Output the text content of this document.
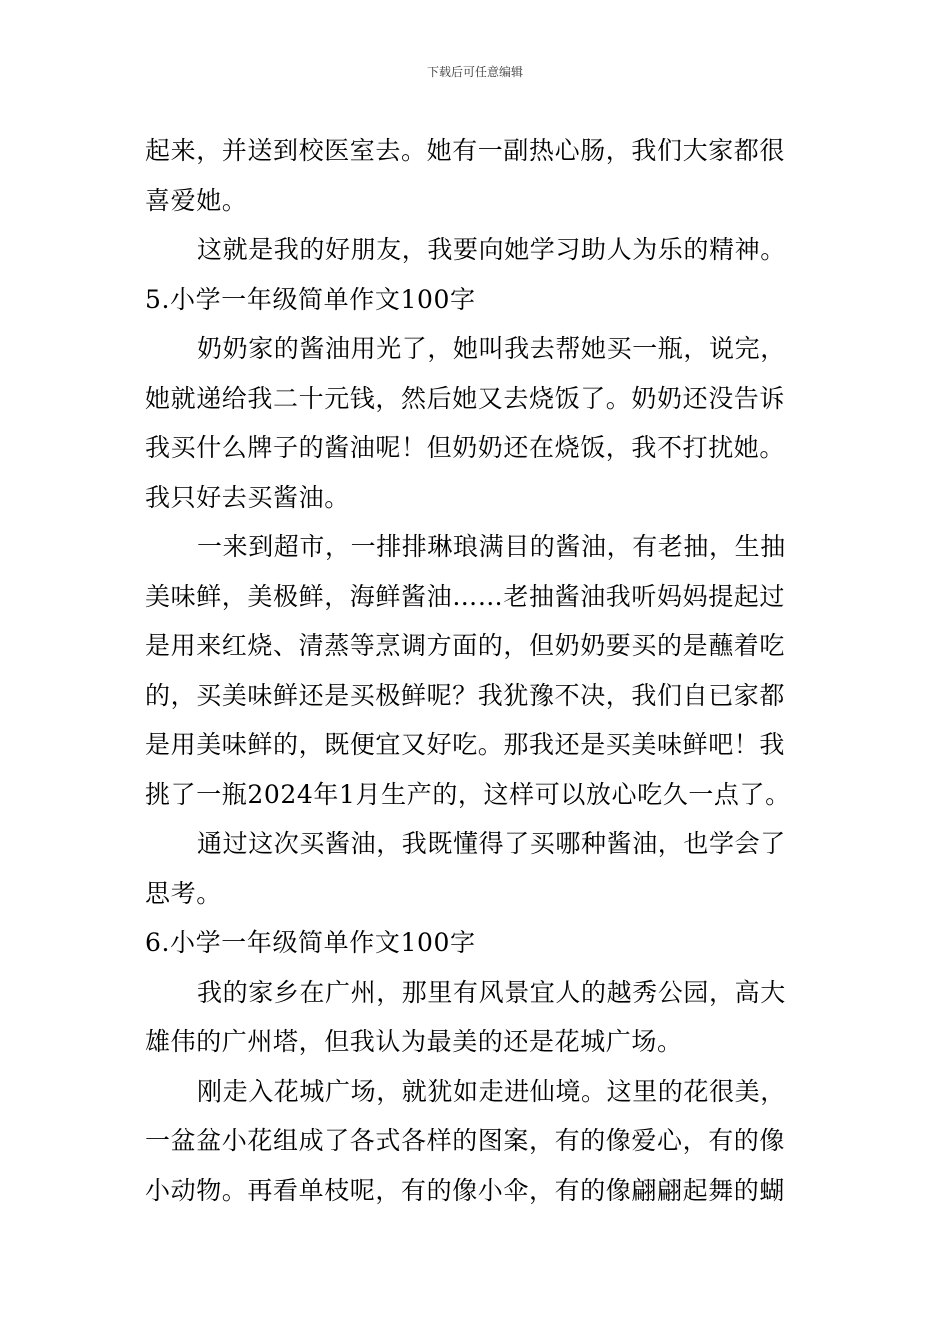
下载后可任意编辑
起来，并送到校医室去。她有一副热心肠，我们大家都很
喜爱她。
这就是我的好朋友，我要向她学习助人为乐的精神。
5.小学一年级简单作文100字
奶奶家的酱油用光了，她叫我去帮她买一瓶，说完，
她就递给我二十元钱，然后她又去烧饭了。奶奶还没告诉
我买什么牌子的酱油呢！但奶奶还在烧饭，我不打扰她。
我只好去买酱油。
一来到超市，一排排琳琅满目的酱油，有老抽，生抽
美味鲜，美极鲜，海鲜酱油……老抽酱油我听妈妈提起过
是用来红烧、清蒸等烹调方面的，但奶奶要买的是蘸着吃
的，买美味鲜还是买极鲜呢？我犹豫不决，我们自已家都
是用美味鲜的，既便宜又好吃。那我还是买美味鲜吧！我
挑了一瓶2024年1月生产的，这样可以放心吃久一点了。
通过这次买酱油，我既懂得了买哪种酱油，也学会了
思考。
6.小学一年级简单作文100字
我的家乡在广州，那里有风景宜人的越秀公园，高大
雄伟的广州塔，但我认为最美的还是花城广场。
刚走入花城广场，就犹如走进仙境。这里的花很美，
一盆盆小花组成了各式各样的图案，有的像爱心，有的像
小动物。再看单枝呢，有的像小伞，有的像翩翩起舞的蝴
